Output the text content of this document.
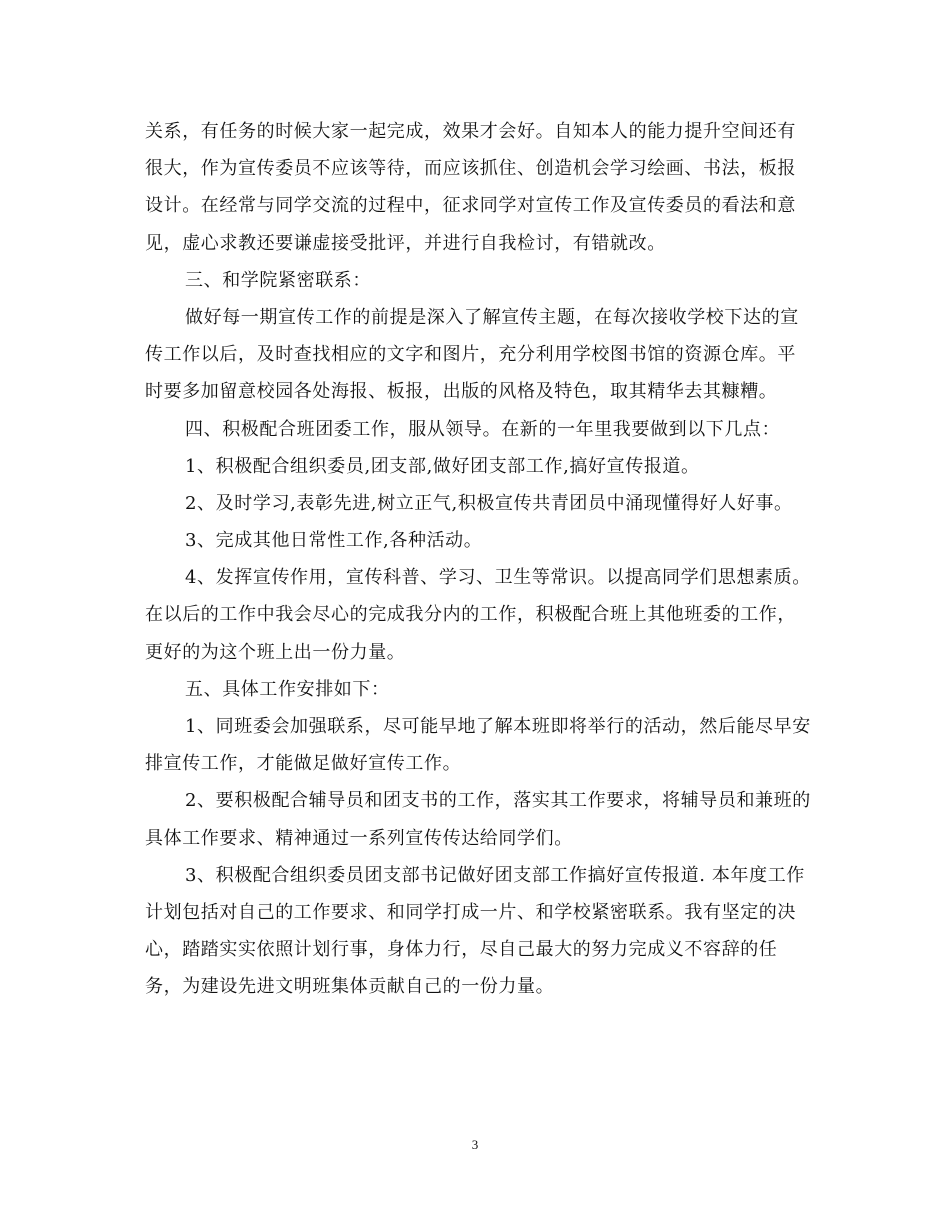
关系，有任务的时候大家一起完成，效果才会好。自知本人的能力提升空间还有
很大，作为宣传委员不应该等待，而应该抓住、创造机会学习绘画、书法，板报
设计。在经常与同学交流的过程中，征求同学对宣传工作及宣传委员的看法和意
见，虚心求教还要谦虚接受批评，并进行自我检讨，有错就改。
三、和学院紧密联系：
做好每一期宣传工作的前提是深入了解宣传主题，在每次接收学校下达的宣
传工作以后，及时查找相应的文字和图片，充分利用学校图书馆的资源仓库。平
时要多加留意校园各处海报、板报，出版的风格及特色，取其精华去其糠糟。
四、积极配合班团委工作，服从领导。在新的一年里我要做到以下几点：
1、积极配合组织委员,团支部,做好团支部工作,搞好宣传报道。
2、及时学习,表彰先进,树立正气,积极宣传共青团员中涌现懂得好人好事。
3、完成其他日常性工作,各种活动。
4、发挥宣传作用，宣传科普、学习、卫生等常识。以提高同学们思想素质。
在以后的工作中我会尽心的完成我分内的工作，积极配合班上其他班委的工作，
更好的为这个班上出一份力量。
五、具体工作安排如下：
1、同班委会加强联系，尽可能早地了解本班即将举行的活动，然后能尽早安
排宣传工作，才能做足做好宣传工作。
2、要积极配合辅导员和团支书的工作，落实其工作要求，将辅导员和兼班的
具体工作要求、精神通过一系列宣传传达给同学们。
3、积极配合组织委员团支部书记做好团支部工作搞好宣传报道. 本年度工作
计划包括对自己的工作要求、和同学打成一片、和学校紧密联系。我有坚定的决
心，踏踏实实依照计划行事，身体力行，尽自己最大的努力完成义不容辞的任
务，为建设先进文明班集体贡献自己的一份力量。
3
